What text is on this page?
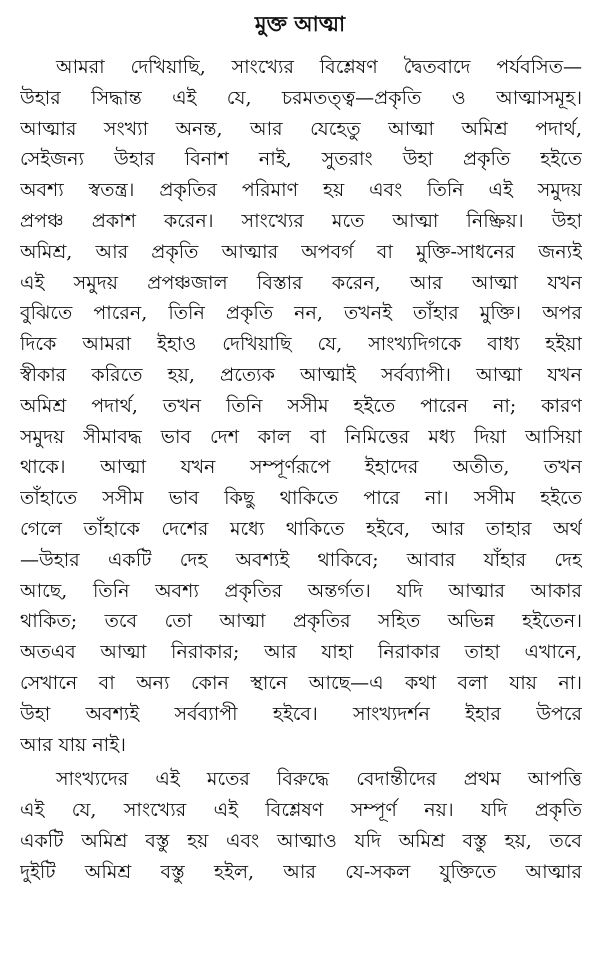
মুক্ত আত্মা
আমরা দেখিয়াছি, সাংখ্যের বিশ্লেষণ দ্বৈতবাদে পর্যবসিত—
উহার সিদ্ধান্ত এই যে, চরমতত্ত্ব—প্রকৃতি ও আত্মাসমূহ।
আত্মার সংখ্যা অনন্ত, আর যেহেতু আত্মা অমিশ্র পদার্থ,
সেইজন্য উহার বিনাশ নাই, সুতরাং উহা প্রকৃতি হইতে
অবশ্য স্বতন্ত্র। প্রকৃতির পরিমাণ হয় এবং তিনি এই সমুদয়
প্রপঞ্চ প্রকাশ করেন। সাংখ্যের মতে আত্মা নিষ্ক্রিয়। উহা
অমিশ্র, আর প্রকৃতি আত্মার অপবর্গ বা মুক্তি-সাধনের জন্যই
এই সমুদয় প্রপঞ্চজাল বিস্তার করেন, আর আত্মা যখন
বুঝিতে পারেন, তিনি প্রকৃতি নন, তখনই তাঁহার মুক্তি। অপর
দিকে আমরা ইহাও দেখিয়াছি যে, সাংখ্যদিগকে বাধ্য হইয়া
স্বীকার করিতে হয়, প্রত্যেক আত্মাই সর্বব্যাপী। আত্মা যখন
অমিশ্র পদার্থ, তখন তিনি সসীম হইতে পারেন না; কারণ
সমুদয় সীমাবদ্ধ ভাব দেশ কাল বা নিমিত্তের মধ্য দিয়া আসিয়া
থাকে। আত্মা যখন সম্পূর্ণরূপে ইহাদের অতীত, তখন
তাঁহাতে সসীম ভাব কিছু থাকিতে পারে না। সসীম হইতে
গেলে তাঁহাকে দেশের মধ্যে থাকিতে হইবে, আর তাহার অর্থ
—উহার একটি দেহ অবশ্যই থাকিবে; আবার যাঁহার দেহ
আছে, তিনি অবশ্য প্রকৃতির অন্তর্গত। যদি আত্মার আকার
থাকিত; তবে তো আত্মা প্রকৃতির সহিত অভিন্ন হইতেন।
অতএব আত্মা নিরাকার; আর যাহা নিরাকার তাহা এখানে,
সেখানে বা অন্য কোন স্থানে আছে—এ কথা বলা যায় না।
উহা অবশ্যই সর্বব্যাপী হইবে। সাংখ্যদর্শন ইহার উপরে
আর যায় নাই।
সাংখ্যদের এই মতের বিরুদ্ধে বেদান্তীদের প্রথম আপত্তি
এই যে, সাংখ্যের এই বিশ্লেষণ সম্পূর্ণ নয়। যদি প্রকৃতি
একটি অমিশ্র বস্তু হয় এবং আত্মাও যদি অমিশ্র বস্তু হয়, তবে
দুইটি অমিশ্র বস্তু হইল, আর যে-সকল যুক্তিতে আত্মার
